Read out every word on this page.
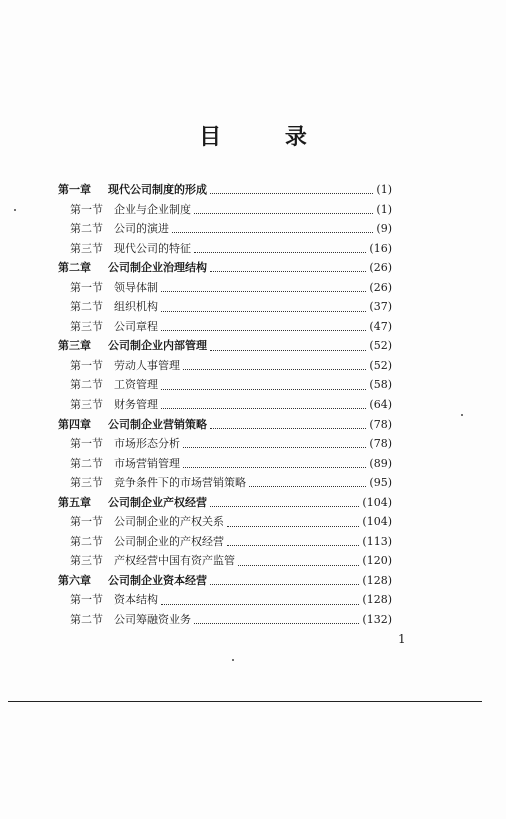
目 录
第一章	现代公司制度的形成	(1)
第一节	企业与企业制度	(1)
第二节	公司的演进	(9)
第三节	现代公司的特征	(16)
第二章	公司制企业治理结构	(26)
第一节	领导体制	(26)
第二节	组织机构	(37)
第三节	公司章程	(47)
第三章	公司制企业内部管理	(52)
第一节	劳动人事管理	(52)
第二节	工资管理	(58)
第三节	财务管理	(64)
第四章	公司制企业营销策略	(78)
第一节	市场形态分析	(78)
第二节	市场营销管理	(89)
第三节	竞争条件下的市场营销策略	(95)
第五章	公司制企业产权经营	(104)
第一节	公司制企业的产权关系	(104)
第二节	公司制企业的产权经营	(113)
第三节	产权经营中国有资产监管	(120)
第六章	公司制企业资本经营	(128)
第一节	资本结构	(128)
第二节	公司筹融资业务	(132)
1
